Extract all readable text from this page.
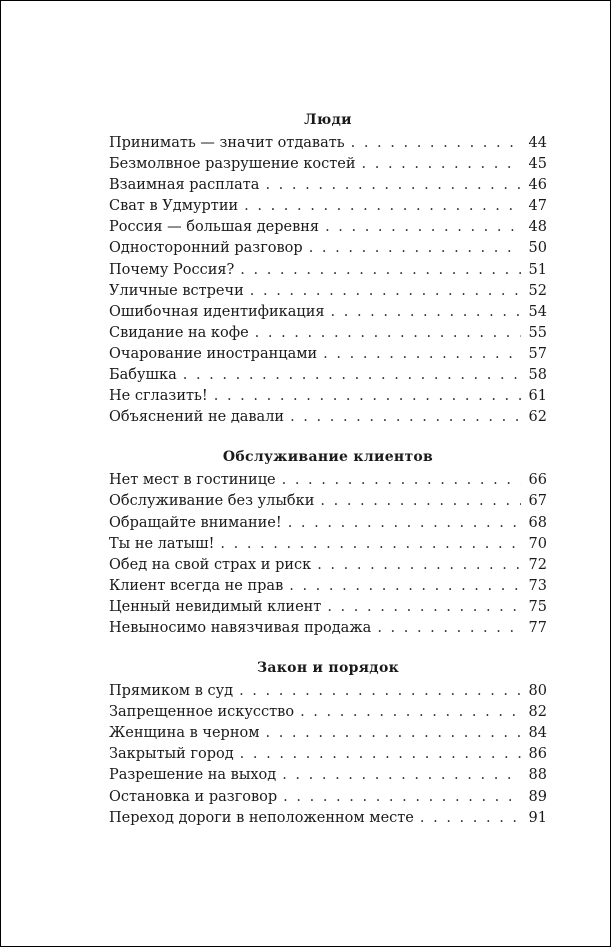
Люди
Принимать — значит отдавать . . .	44
Безмолвное разрушение костей . . .	45
Взаимная расплата . . .	46
Сват в Удмуртии . . .	47
Россия — большая деревня . . .	48
Односторонний разговор . . .	50
Почему Россия? . . .	51
Уличные встречи . . .	52
Ошибочная идентификация . . .	54
Свидание на кофе . . .	55
Очарование иностранцами . . .	57
Бабушка . . .	58
Не сглазить! . . .	61
Объяснений не давали . . .	62
Обслуживание клиентов
Нет мест в гостинице . . .	66
Обслуживание без улыбки . . .	67
Обращайте внимание! . . .	68
Ты не латыш! . . .	70
Обед на свой страх и риск . . .	72
Клиент всегда не прав . . .	73
Ценный невидимый клиент . . .	75
Невыносимо навязчивая продажа . . .	77
Закон и порядок
Прямиком в суд . . .	80
Запрещенное искусство . . .	82
Женщина в черном . . .	84
Закрытый город . . .	86
Разрешение на выход . . .	88
Остановка и разговор . . .	89
Переход дороги в неположенном месте . . .	91
